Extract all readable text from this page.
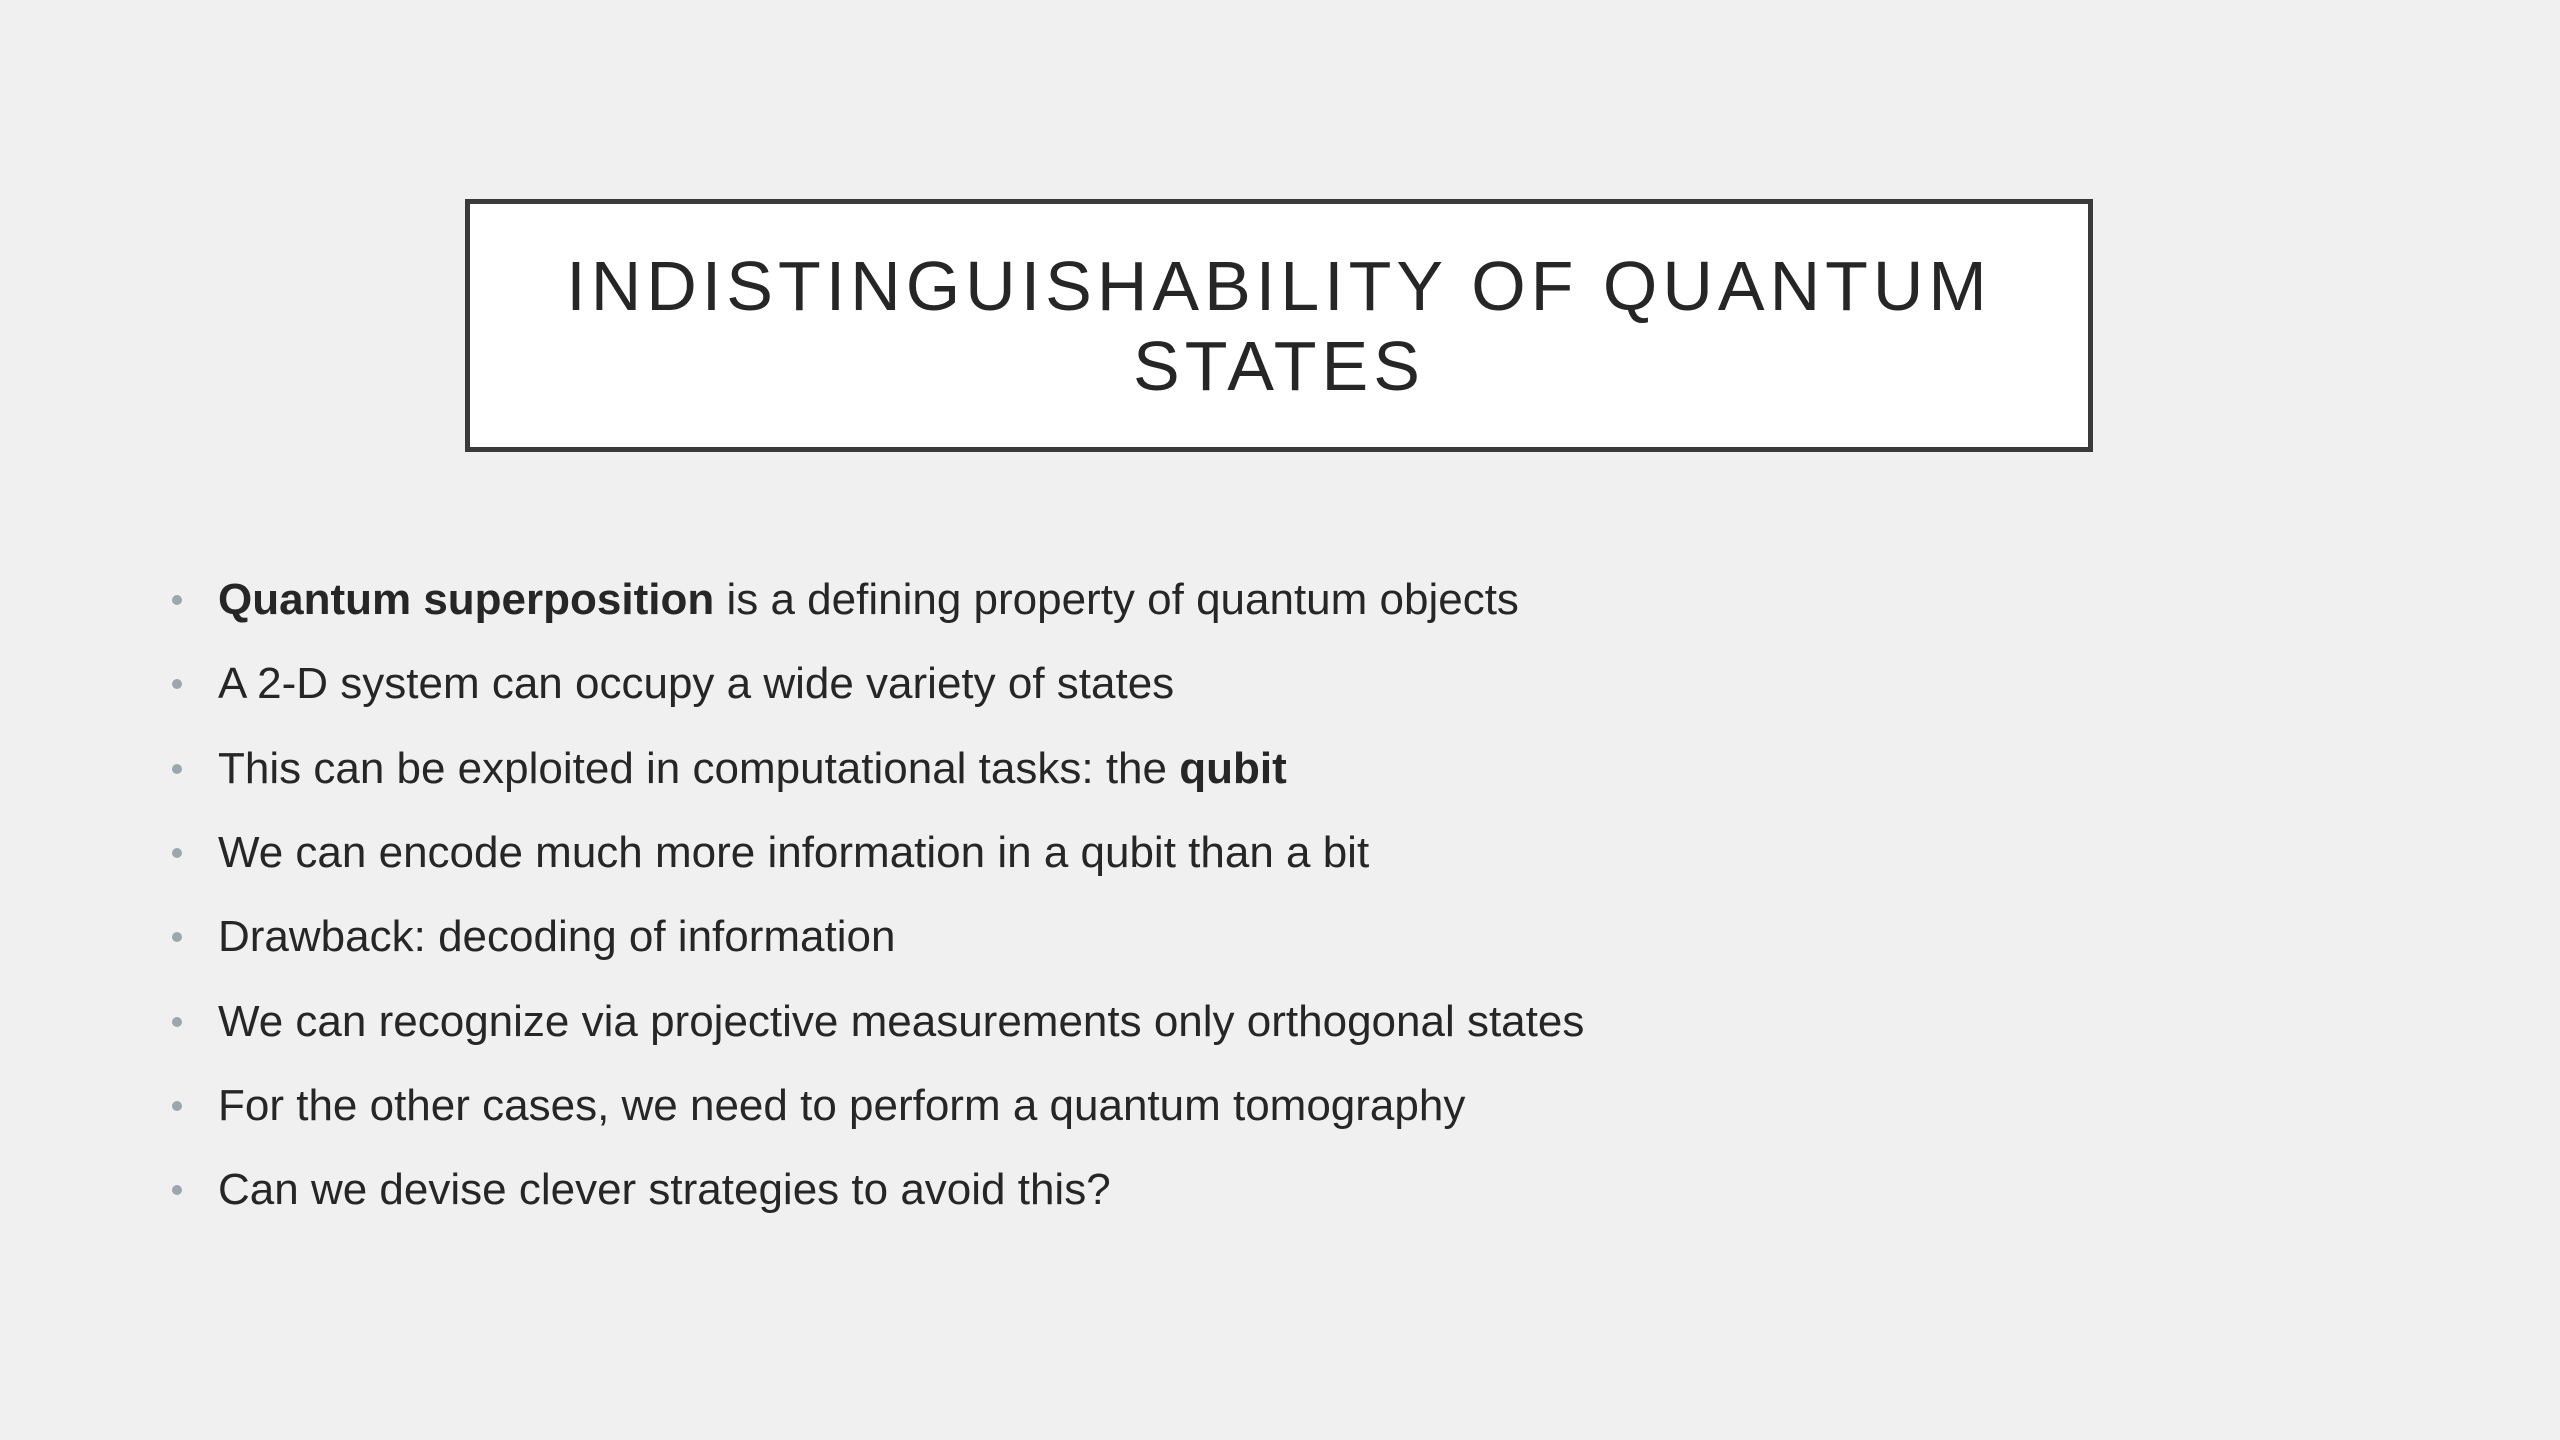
INDISTINGUISHABILITY OF QUANTUM STATES
Quantum superposition is a defining property of quantum objects
A 2-D system can occupy a wide variety of states
This can be exploited in computational tasks: the qubit
We can encode much more information in a qubit than a bit
Drawback: decoding of information
We can recognize via projective measurements only orthogonal states
For the other cases, we need to perform a quantum tomography
Can we devise clever strategies to avoid this?
